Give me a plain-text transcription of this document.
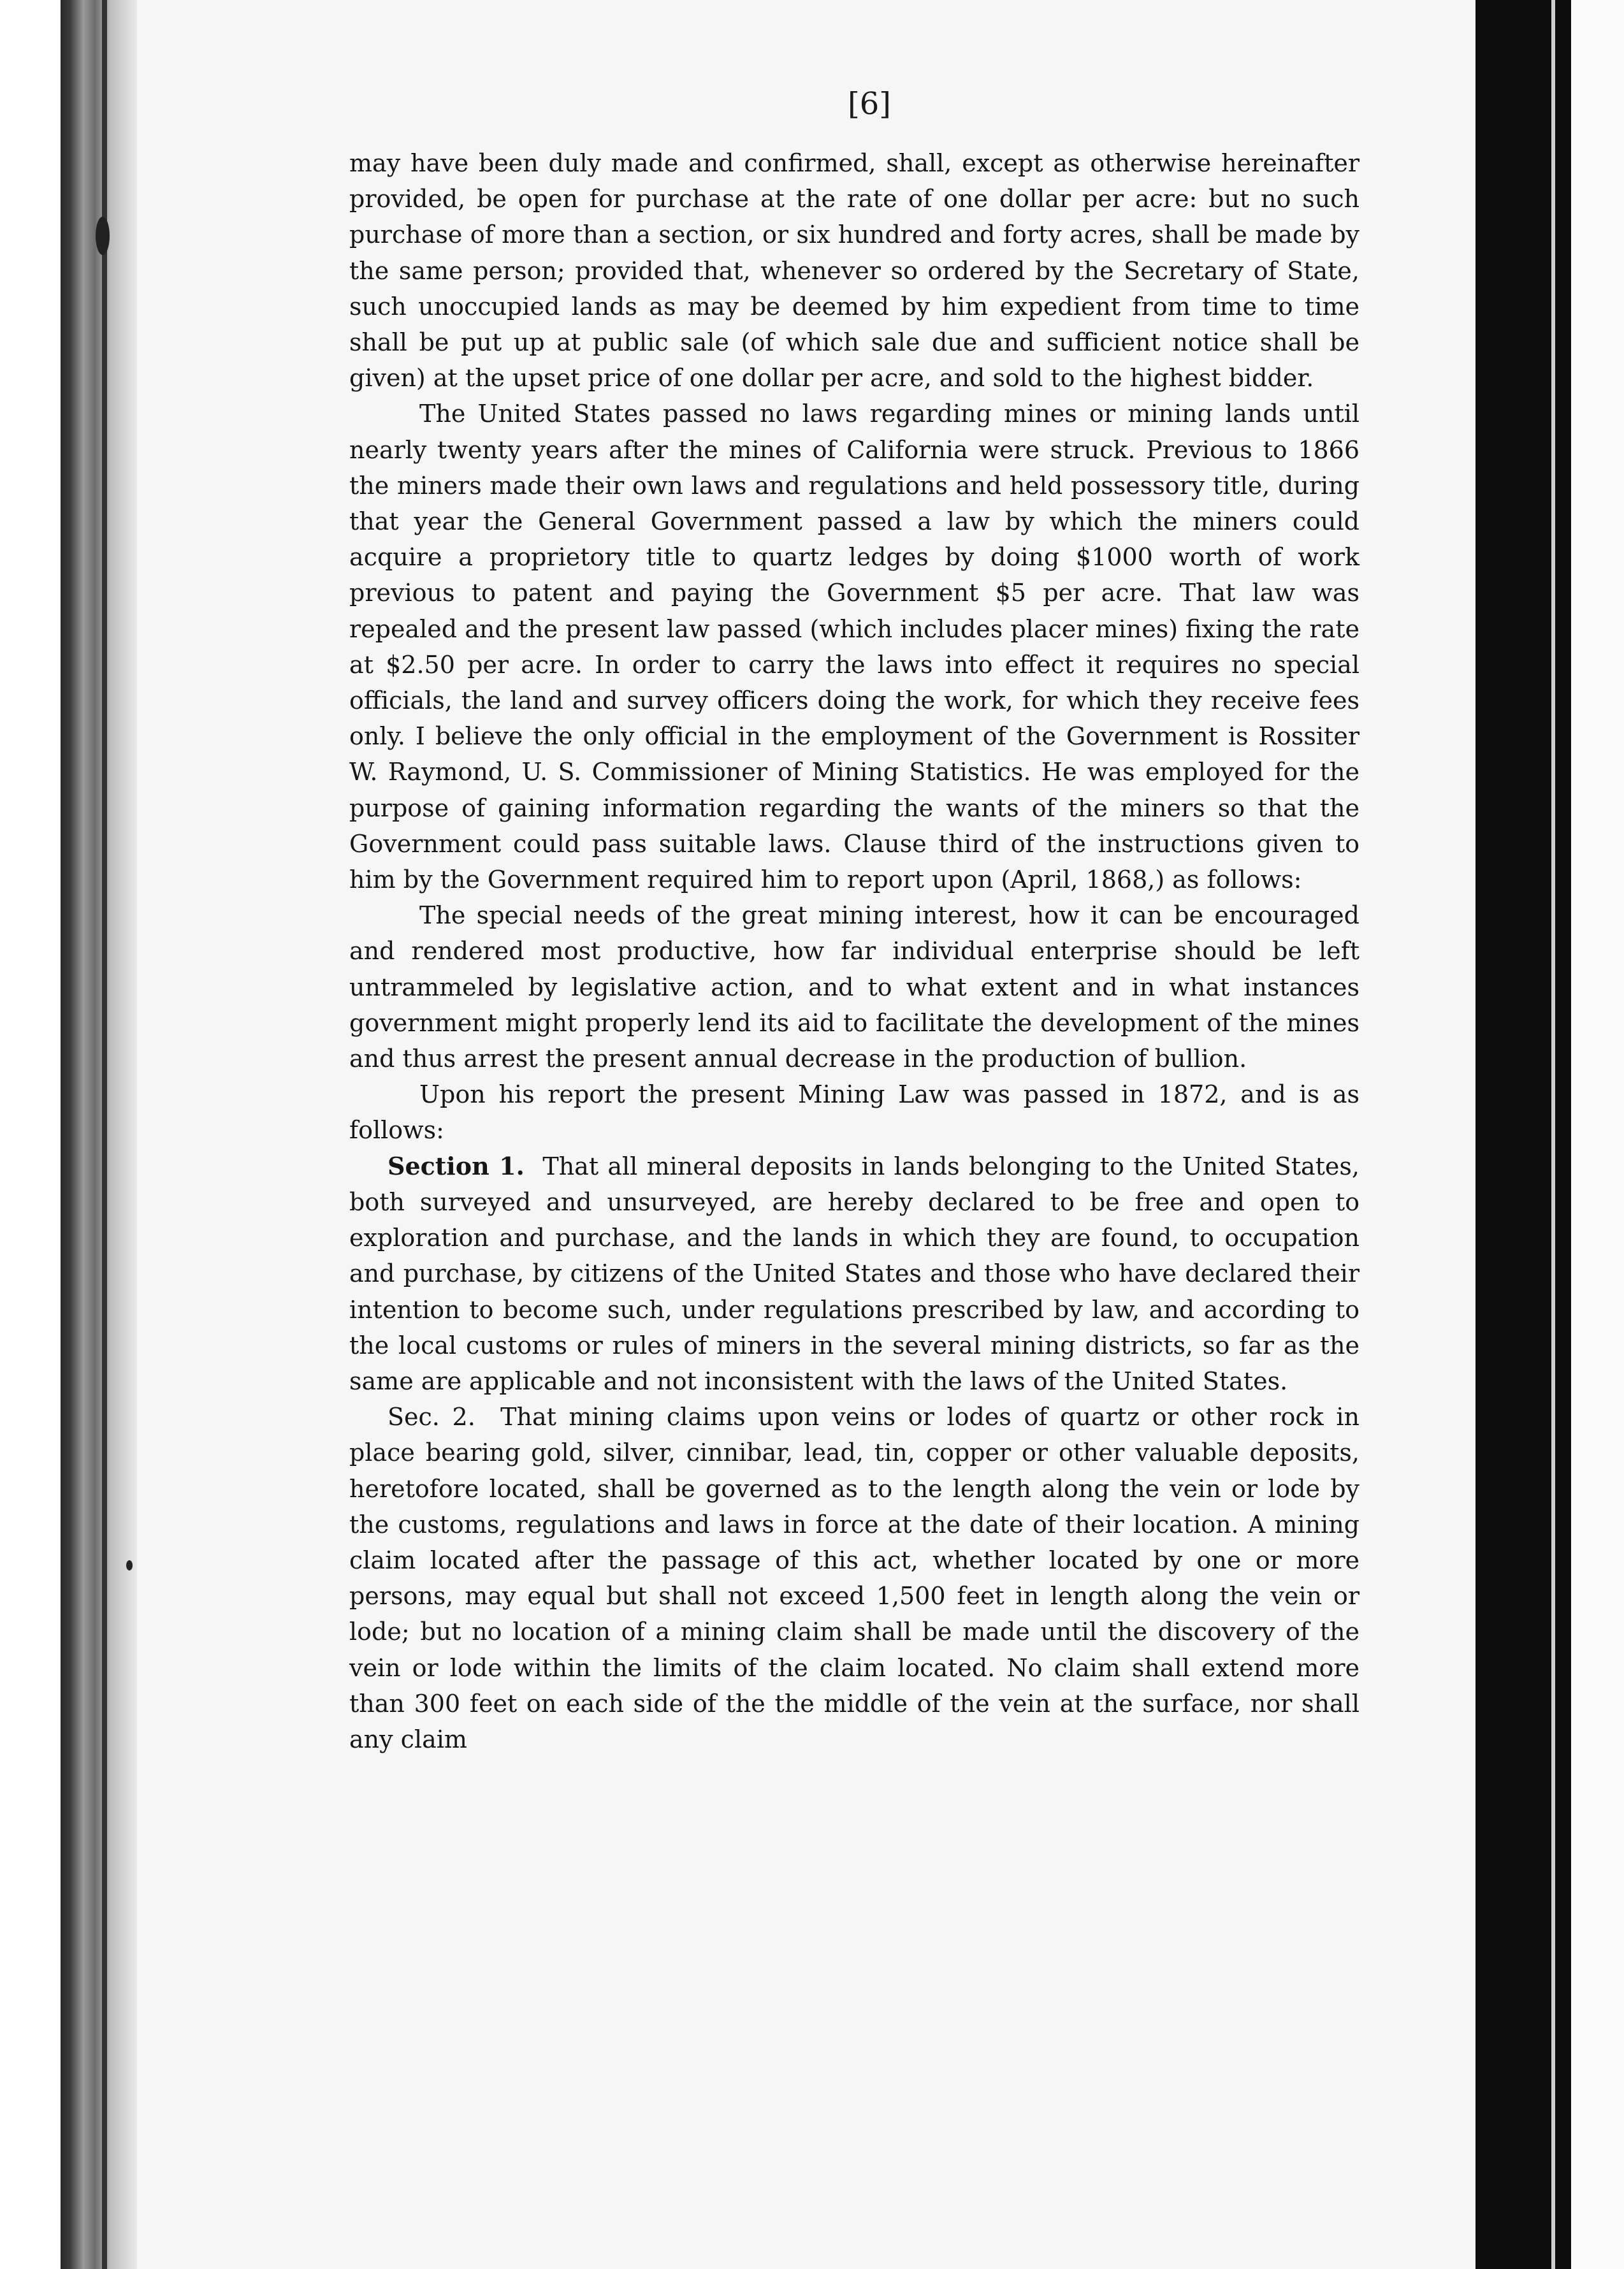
[6]

may have been duly made and confirmed, shall, except as otherwise hereinafter provided, be open for purchase at the rate of one dollar per acre: but no such purchase of more than a section, or six hundred and forty acres, shall be made by the same person; provided that, whenever so ordered by the Secretary of State, such unoccupied lands as may be deemed by him expedient from time to time shall be put up at public sale (of which sale due and sufficient notice shall be given) at the upset price of one dollar per acre, and sold to the highest bidder.

The United States passed no laws regarding mines or mining lands until nearly twenty years after the mines of California were struck. Previous to 1866 the miners made their own laws and regulations and held possessory title, during that year the General Government passed a law by which the miners could acquire a proprietory title to quartz ledges by doing $1000 worth of work previous to patent and paying the Government $5 per acre. That law was repealed and the present law passed (which includes placer mines) fixing the rate at $2.50 per acre. In order to carry the laws into effect it requires no special officials, the land and survey officers doing the work, for which they receive fees only. I believe the only official in the employment of the Government is Rossiter W. Raymond, U. S. Commissioner of Mining Statistics. He was employed for the purpose of gaining information regarding the wants of the miners so that the Government could pass suitable laws. Clause third of the instructions given to him by the Government required him to report upon (April, 1868,) as follows:

The special needs of the great mining interest, how it can be encouraged and rendered most productive, how far individual enterprise should be left untrammeled by legislative action, and to what extent and in what instances government might properly lend its aid to facilitate the development of the mines and thus arrest the present annual decrease in the production of bullion.

Upon his report the present Mining Law was passed in 1872, and is as follows:

Section 1. That all mineral deposits in lands belonging to the United States, both surveyed and unsurveyed, are hereby declared to be free and open to exploration and purchase, and the lands in which they are found, to occupation and purchase, by citizens of the United States and those who have declared their intention to become such, under regulations prescribed by law, and according to the local customs or rules of miners in the several mining districts, so far as the same are applicable and not inconsistent with the laws of the United States.

Sec. 2. That mining claims upon veins or lodes of quartz or other rock in place bearing gold, silver, cinnibar, lead, tin, copper or other valuable deposits, heretofore located, shall be governed as to the length along the vein or lode by the customs, regulations and laws in force at the date of their location. A mining claim located after the passage of this act, whether located by one or more persons, may equal but shall not exceed 1,500 feet in length along the vein or lode; but no location of a mining claim shall be made until the discovery of the vein or lode within the limits of the claim located. No claim shall extend more than 300 feet on each side of the the middle of the vein at the surface, nor shall any claim
